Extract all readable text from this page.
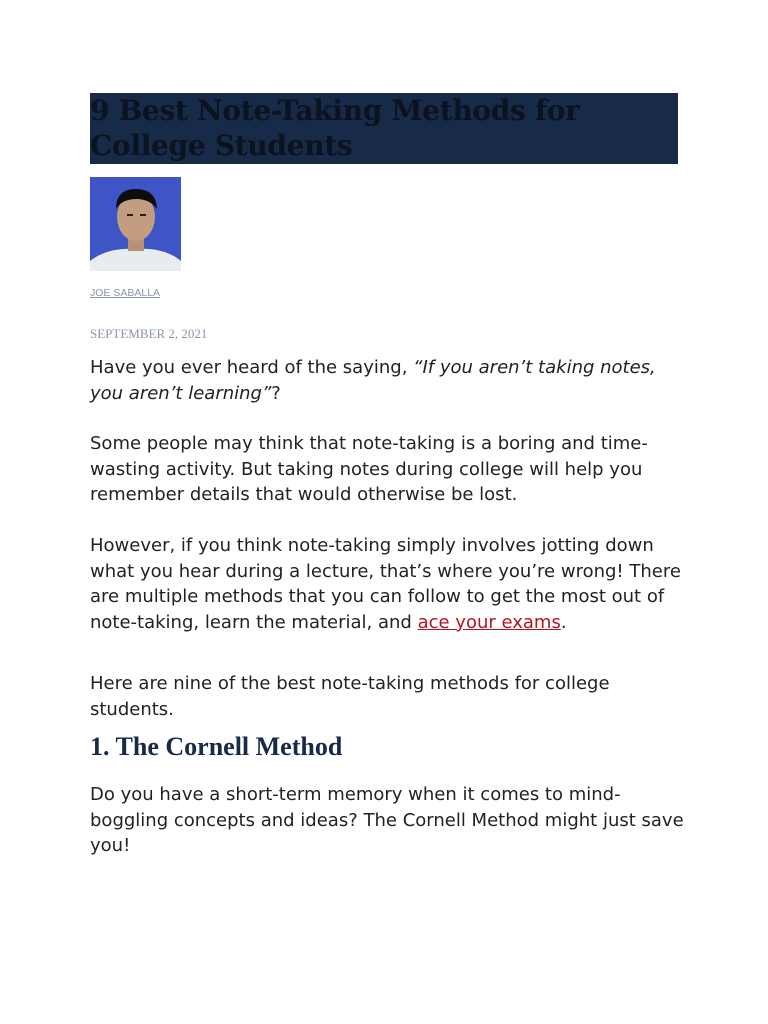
9 Best Note-Taking Methods for College Students
JOE SABALLA
SEPTEMBER 2, 2021

Have you ever heard of the saying, “If you aren’t taking notes, you aren’t learning”?

Some people may think that note-taking is a boring and time-wasting activity. But taking notes during college will help you remember details that would otherwise be lost.

However, if you think note-taking simply involves jotting down what you hear during a lecture, that’s where you’re wrong! There are multiple methods that you can follow to get the most out of note-taking, learn the material, and ace your exams.

Here are nine of the best note-taking methods for college students.

1. The Cornell Method

Do you have a short-term memory when it comes to mind-boggling concepts and ideas? The Cornell Method might just save you!
